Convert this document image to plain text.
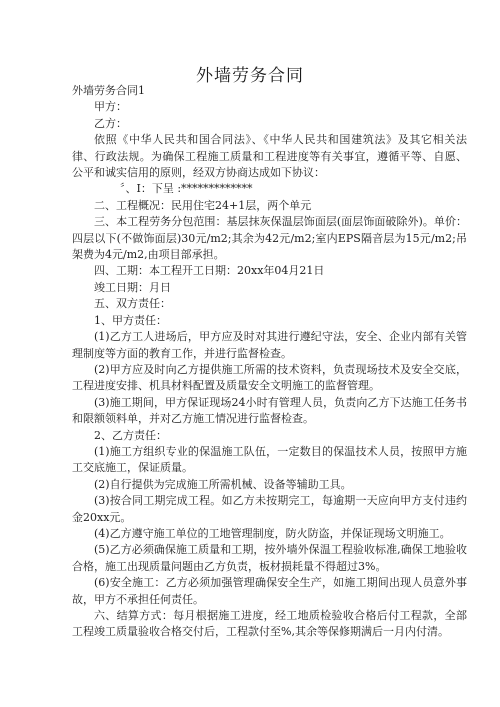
外墙劳务合同

外墙劳务合同1

甲方：

乙方：

依照《中华人民共和国合同法》、《中华人民共和国建筑法》及其它相关法律、行政法规。为确保工程施工质量和工程进度等有关事宜，遵循平等、自愿、公平和诚实信用的原则，经双方协商达成如下协议：

〞、I：下呈 :*************

二、工程概况：民用住宅24+1层，两个单元

三、本工程劳务分包范围：基层抹灰保温层饰面层(面层饰面破除外)。单价：四层以下(不做饰面层)30元/m2;其余为42元/m2;室内EPS隔音层为15元/m2;吊架费为4元/m2,由项目部承担。

四、工期：本工程开工日期：20xx年04月21日

竣工日期：月日

五、双方责任：

1、甲方责任：

(1)乙方工人进场后，甲方应及时对其进行遵纪守法，安全、企业内部有关管理制度等方面的教育工作，并进行监督检查。

(2)甲方应及时向乙方提供施工所需的技术资料，负责现场技术及安全交底，工程进度安排、机具材料配置及质量安全文明施工的监督管理。

(3)施工期间，甲方保证现场24小时有管理人员，负责向乙方下达施工任务书和限额领料单，并对乙方施工情况进行监督检查。

2、乙方责任：

(1)施工方组织专业的保温施工队伍，一定数目的保温技术人员，按照甲方施工交底施工，保证质量。

(2)自行提供为完成施工所需机械、设备等辅助工具。

(3)按合同工期完成工程。如乙方未按期完工，每逾期一天应向甲方支付违约金20xx元。

(4)乙方遵守施工单位的工地管理制度，防火防盗，并保证现场文明施工。

(5)乙方必须确保施工质量和工期，按外墙外保温工程验收标准,确保工地验收合格，施工出现质量问题由乙方负责，板材损耗量不得超过3%。

(6)安全施工：乙方必须加强管理确保安全生产，如施工期间出现人员意外事故，甲方不承担任何责任。

六、结算方式：每月根据施工进度，经工地质检验收合格后付工程款，全部工程竣工质量验收合格交付后，工程款付至%,其余等保修期满后一月内付清。
